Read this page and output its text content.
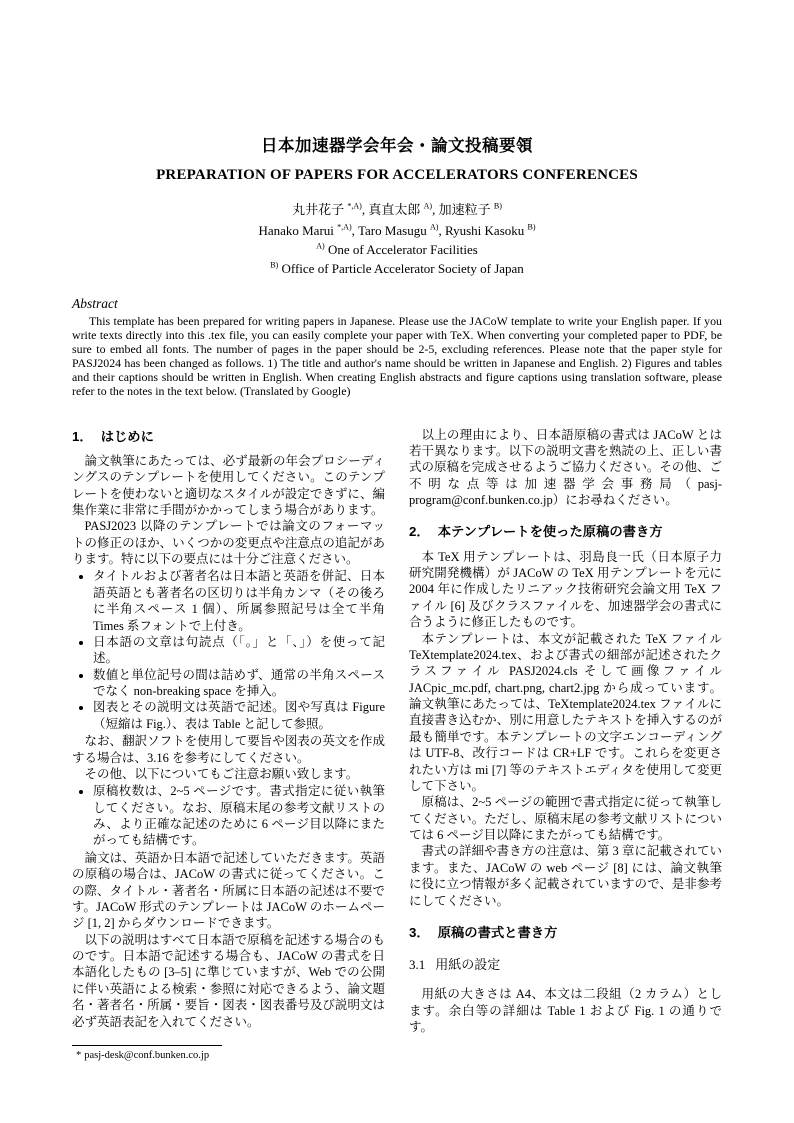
日本加速器学会年会・論文投稿要領
PREPARATION OF PAPERS FOR ACCELERATORS CONFERENCES

丸井花子 $^{*,A)}$, 真直太郎 $^{A)}$, 加速粒子 $^{B)}$

Hanako Marui $^{*,A)}$, Taro Masugu $^{A)}$, Ryushi Kasoku $^{B)}$

$^{A)}$ One of Accelerator Facilities

$^{B)}$ Office of Particle Accelerator Society of Japan

Abstract

This template has been prepared for writing papers in Japanese. Please use the JACoW template to write your English paper. If you write texts directly into this .tex file, you can easily complete your paper with TeX. When converting your completed paper to PDF, be sure to embed all fonts. The number of pages in the paper should be 2-5, excluding references. Please note that the paper style for PASJ2024 has been changed as follows. 1) The title and author's name should be written in Japanese and English. 2) Figures and tables and their captions should be written in English. When creating English abstracts and figure captions using translation software, please refer to the notes in the text below. (Translated by Google)

1． はじめに

論文執筆にあたっては、必ず最新の年会プロシーディングスのテンプレートを使用してください。このテンプレートを使わないと適切なスタイルが設定できずに、編集作業に非常に手間がかかってしまう場合があります。

PASJ2023 以降のテンプレートでは論文のフォーマットの修正のほか、いくつかの変更点や注意点の追記があります。特に以下の要点には十分ご注意ください。

• タイトルおよび著者名は日本語と英語を併記、日本語英語とも著者名の区切りは半角カンマ（その後ろに半角スペース 1 個）、所属参照記号は全て半角 Times 系フォントで上付き。
• 日本語の文章は句読点（「。」と「、」）を使って記述。
• 数値と単位記号の間は詰めず、通常の半角スペースでなく non-breaking space を挿入。
• 図表とその説明文は英語で記述。図や写真は Figure（短縮は Fig.）、表は Table と記して参照。

なお、翻訳ソフトを使用して要旨や図表の英文を作成する場合は、3.16 を参考にしてください。

その他、以下についてもご注意お願い致します。

• 原稿枚数は、2~5 ページです。書式指定に従い執筆してください。なお、原稿末尾の参考文献リストのみ、より正確な記述のために 6 ページ目以降にまたがっても結構です。

論文は、英語か日本語で記述していただきます。英語の原稿の場合は、JACoW の書式に従ってください。この際、タイトル・著者名・所属に日本語の記述は不要です。JACoW 形式のテンプレートは JACoW のホームページ [1, 2] からダウンロードできます。

以下の説明はすべて日本語で原稿を記述する場合のものです。日本語で記述する場合も、JACoW の書式を日本語化したもの [3–5] に準じていますが、Web での公開に伴い英語による検索・参照に対応できるよう、論文題名・著者名・所属・要旨・図表・図表番号及び説明文は必ず英語表記を入れてください。

* pasj-desk@conf.bunken.co.jp

以上の理由により、日本語原稿の書式は JACoW とは若干異なります。以下の説明文書を熟読の上、正しい書式の原稿を完成させるようご協力ください。その他、ご不明な点等は加速器学会事務局（pasj-program@conf.bunken.co.jp）にお尋ねください。

2． 本テンプレートを使った原稿の書き方

本 TeX 用テンプレートは、羽島良一氏（日本原子力研究開発機構）が JACoW の TeX 用テンプレートを元に 2004 年に作成したリニアック技術研究会論文用 TeX ファイル [6] 及びクラスファイルを、加速器学会の書式に合うように修正したものです。

本テンプレートは、本文が記載された TeX ファイル TeXtemplate2024.tex、および書式の細部が記述されたクラスファイル PASJ2024.cls そして画像ファイル JACpic_mc.pdf, chart.png, chart2.jpg から成っています。論文執筆にあたっては、TeXtemplate2024.tex ファイルに直接書き込むか、別に用意したテキストを挿入するのが最も簡単です。本テンプレートの文字エンコーディングは UTF-8、改行コードは CR+LF です。これらを変更されたい方は mi [7] 等のテキストエディタを使用して変更して下さい。

原稿は、2~5 ページの範囲で書式指定に従って執筆してください。ただし、原稿末尾の参考文献リストについては 6 ページ目以降にまたがっても結構です。

書式の詳細や書き方の注意は、第 3 章に記載されています。また、JACoW の web ページ [8] には、論文執筆に役に立つ情報が多く記載されていますので、是非参考にしてください。

3． 原稿の書式と書き方
3.1 用紙の設定

用紙の大きさは A4、本文は二段組（2 カラム）とします。余白等の詳細は Table 1 および Fig. 1 の通りです。
